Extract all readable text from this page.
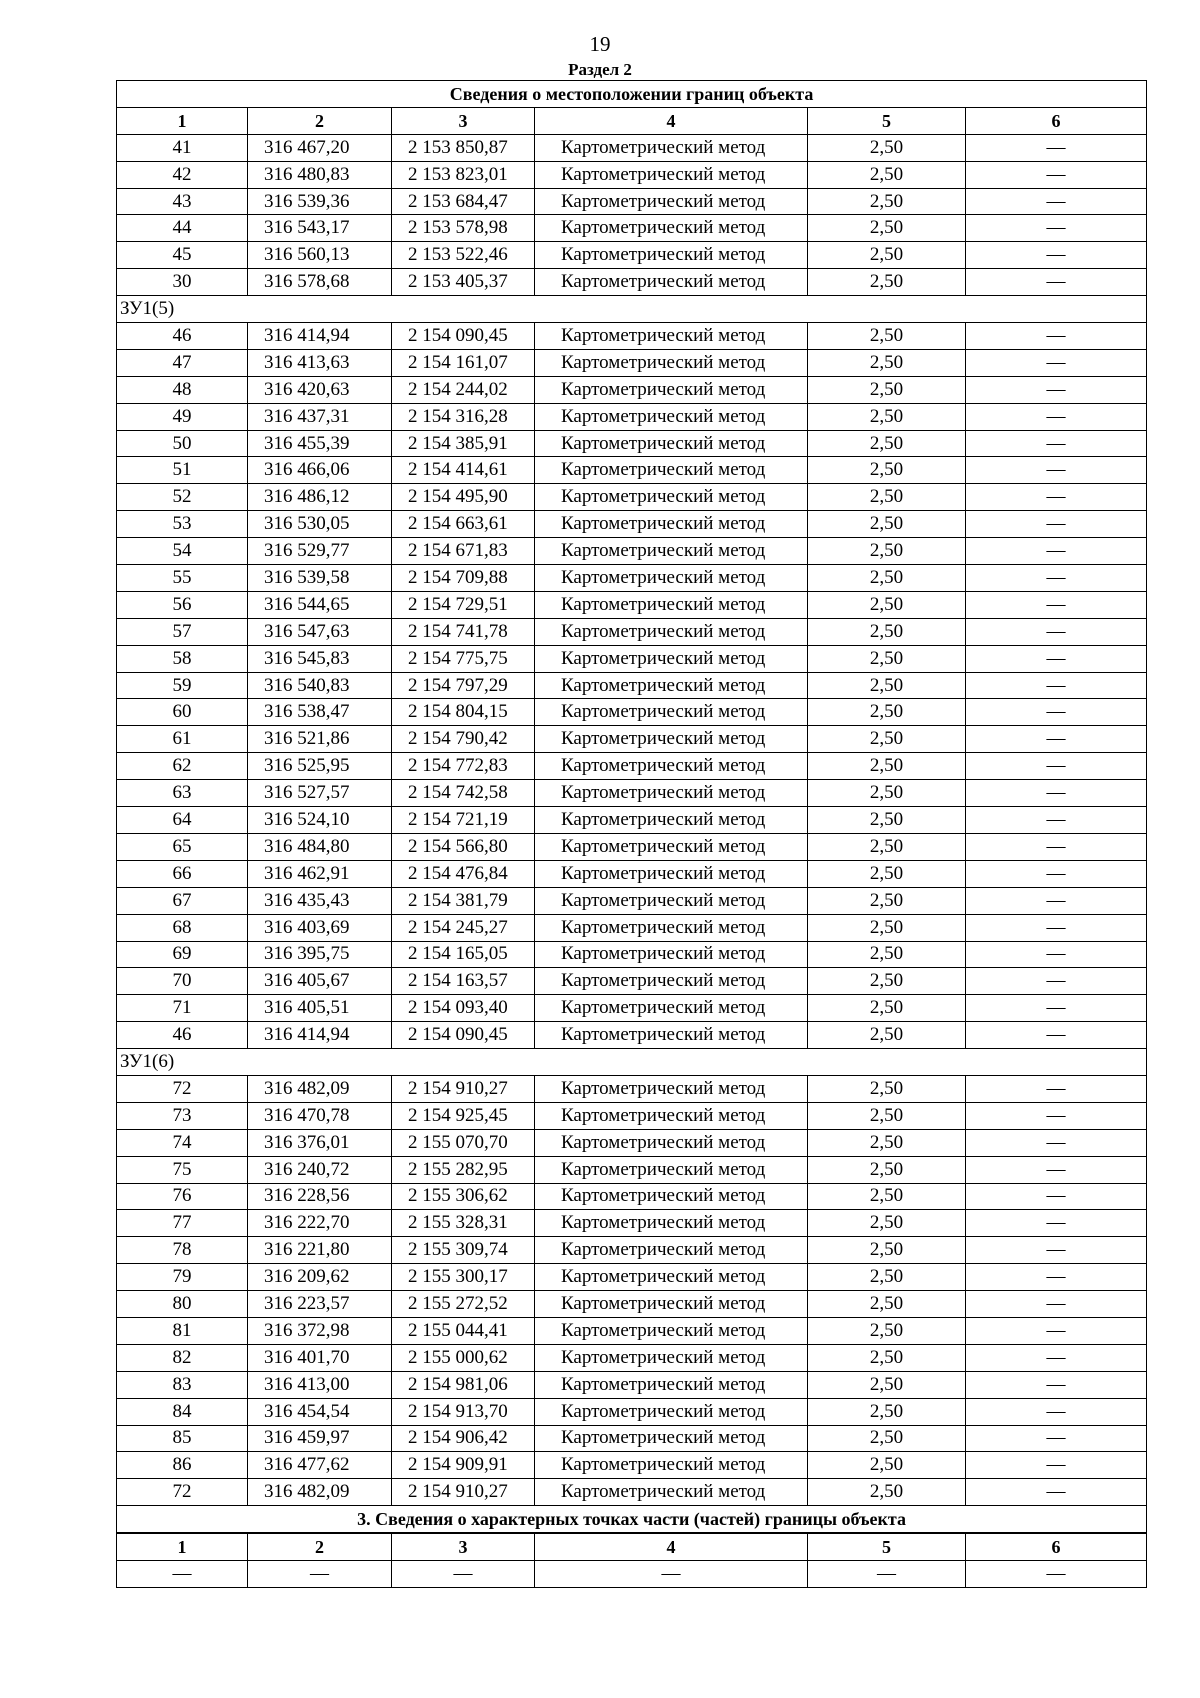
19
Раздел 2
Сведения о местоположении границ объекта					
1	2	3	4	5	6
41	316 467,20	2 153 850,87	Картометрический метод	2,50	—
42	316 480,83	2 153 823,01	Картометрический метод	2,50	—
43	316 539,36	2 153 684,47	Картометрический метод	2,50	—
44	316 543,17	2 153 578,98	Картометрический метод	2,50	—
45	316 560,13	2 153 522,46	Картометрический метод	2,50	—
30	316 578,68	2 153 405,37	Картометрический метод	2,50	—
ЗУ1(5)					
46	316 414,94	2 154 090,45	Картометрический метод	2,50	—
47	316 413,63	2 154 161,07	Картометрический метод	2,50	—
48	316 420,63	2 154 244,02	Картометрический метод	2,50	—
49	316 437,31	2 154 316,28	Картометрический метод	2,50	—
50	316 455,39	2 154 385,91	Картометрический метод	2,50	—
51	316 466,06	2 154 414,61	Картометрический метод	2,50	—
52	316 486,12	2 154 495,90	Картометрический метод	2,50	—
53	316 530,05	2 154 663,61	Картометрический метод	2,50	—
54	316 529,77	2 154 671,83	Картометрический метод	2,50	—
55	316 539,58	2 154 709,88	Картометрический метод	2,50	—
56	316 544,65	2 154 729,51	Картометрический метод	2,50	—
57	316 547,63	2 154 741,78	Картометрический метод	2,50	—
58	316 545,83	2 154 775,75	Картометрический метод	2,50	—
59	316 540,83	2 154 797,29	Картометрический метод	2,50	—
60	316 538,47	2 154 804,15	Картометрический метод	2,50	—
61	316 521,86	2 154 790,42	Картометрический метод	2,50	—
62	316 525,95	2 154 772,83	Картометрический метод	2,50	—
63	316 527,57	2 154 742,58	Картометрический метод	2,50	—
64	316 524,10	2 154 721,19	Картометрический метод	2,50	—
65	316 484,80	2 154 566,80	Картометрический метод	2,50	—
66	316 462,91	2 154 476,84	Картометрический метод	2,50	—
67	316 435,43	2 154 381,79	Картометрический метод	2,50	—
68	316 403,69	2 154 245,27	Картометрический метод	2,50	—
69	316 395,75	2 154 165,05	Картометрический метод	2,50	—
70	316 405,67	2 154 163,57	Картометрический метод	2,50	—
71	316 405,51	2 154 093,40	Картометрический метод	2,50	—
46	316 414,94	2 154 090,45	Картометрический метод	2,50	—
ЗУ1(6)					
72	316 482,09	2 154 910,27	Картометрический метод	2,50	—
73	316 470,78	2 154 925,45	Картометрический метод	2,50	—
74	316 376,01	2 155 070,70	Картометрический метод	2,50	—
75	316 240,72	2 155 282,95	Картометрический метод	2,50	—
76	316 228,56	2 155 306,62	Картометрический метод	2,50	—
77	316 222,70	2 155 328,31	Картометрический метод	2,50	—
78	316 221,80	2 155 309,74	Картометрический метод	2,50	—
79	316 209,62	2 155 300,17	Картометрический метод	2,50	—
80	316 223,57	2 155 272,52	Картометрический метод	2,50	—
81	316 372,98	2 155 044,41	Картометрический метод	2,50	—
82	316 401,70	2 155 000,62	Картометрический метод	2,50	—
83	316 413,00	2 154 981,06	Картометрический метод	2,50	—
84	316 454,54	2 154 913,70	Картометрический метод	2,50	—
85	316 459,97	2 154 906,42	Картометрический метод	2,50	—
86	316 477,62	2 154 909,91	Картометрический метод	2,50	—
72	316 482,09	2 154 910,27	Картометрический метод	2,50	—
3. Сведения о характерных точках части (частей) границы объекта					
1	2	3	4	5	6
—	—	—	—	—	—
